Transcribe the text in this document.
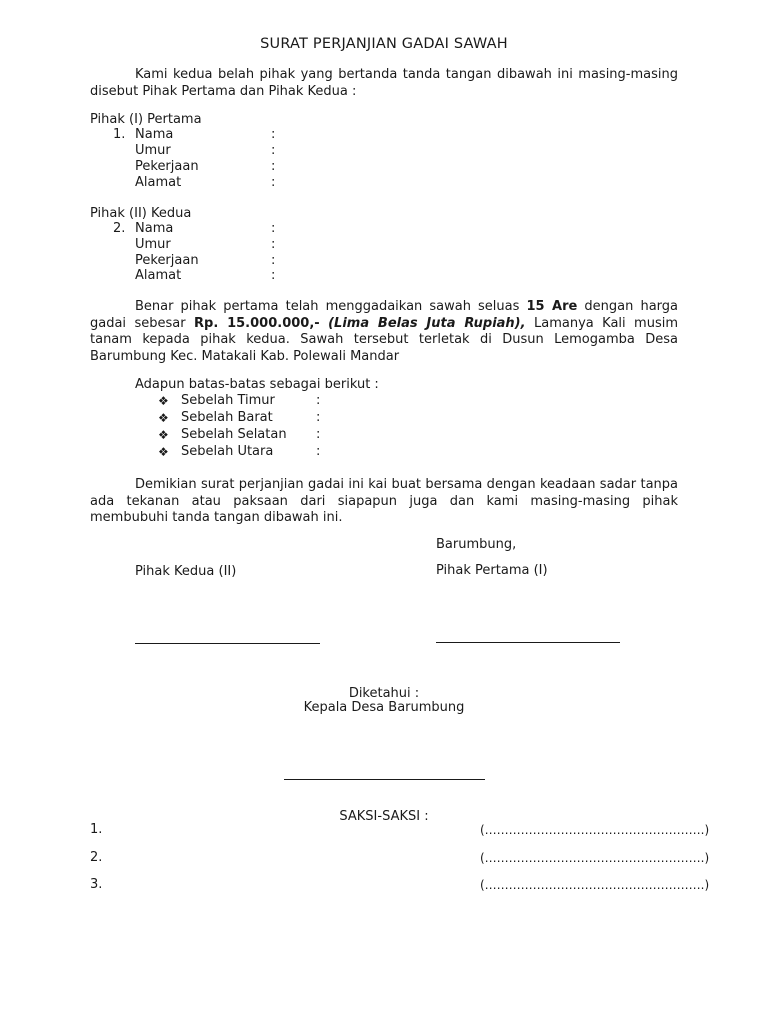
SURAT PERJANJIAN GADAI SAWAH
Kami kedua belah pihak yang bertanda tanda tangan dibawah ini masing-masing disebut Pihak Pertama dan Pihak Kedua :
Pihak (I) Pertama
1. Nama	:
Umur	:
Pekerjaan	:
Alamat	:
Pihak (II) Kedua
2. Nama	:
Umur	:
Pekerjaan	:
Alamat	:
Benar pihak pertama telah menggadaikan sawah seluas 15 Are dengan harga gadai sebesar Rp. 15.000.000,- (Lima Belas Juta Rupiah), Lamanya Kali musim tanam kepada pihak kedua. Sawah tersebut terletak di Dusun Lemogamba Desa Barumbung Kec. Matakali Kab. Polewali Mandar
Adapun batas-batas sebagai berikut :
❖ Sebelah Timur	:
❖ Sebelah Barat	:
❖ Sebelah Selatan :
❖ Sebelah Utara	:
Demikian surat perjanjian gadai ini kai buat bersama dengan keadaan sadar tanpa ada tekanan atau paksaan dari siapapun juga dan kami masing-masing pihak membubuhi tanda tangan dibawah ini.
Barumbung,
Pihak Kedua (II)	Pihak Pertama (I)
Diketahui :
Kepala Desa Barumbung
SAKSI-SAKSI :
1.	(……………………………………………….)
2.	(……………………………………………….)
3.	(……………………………………………….)
